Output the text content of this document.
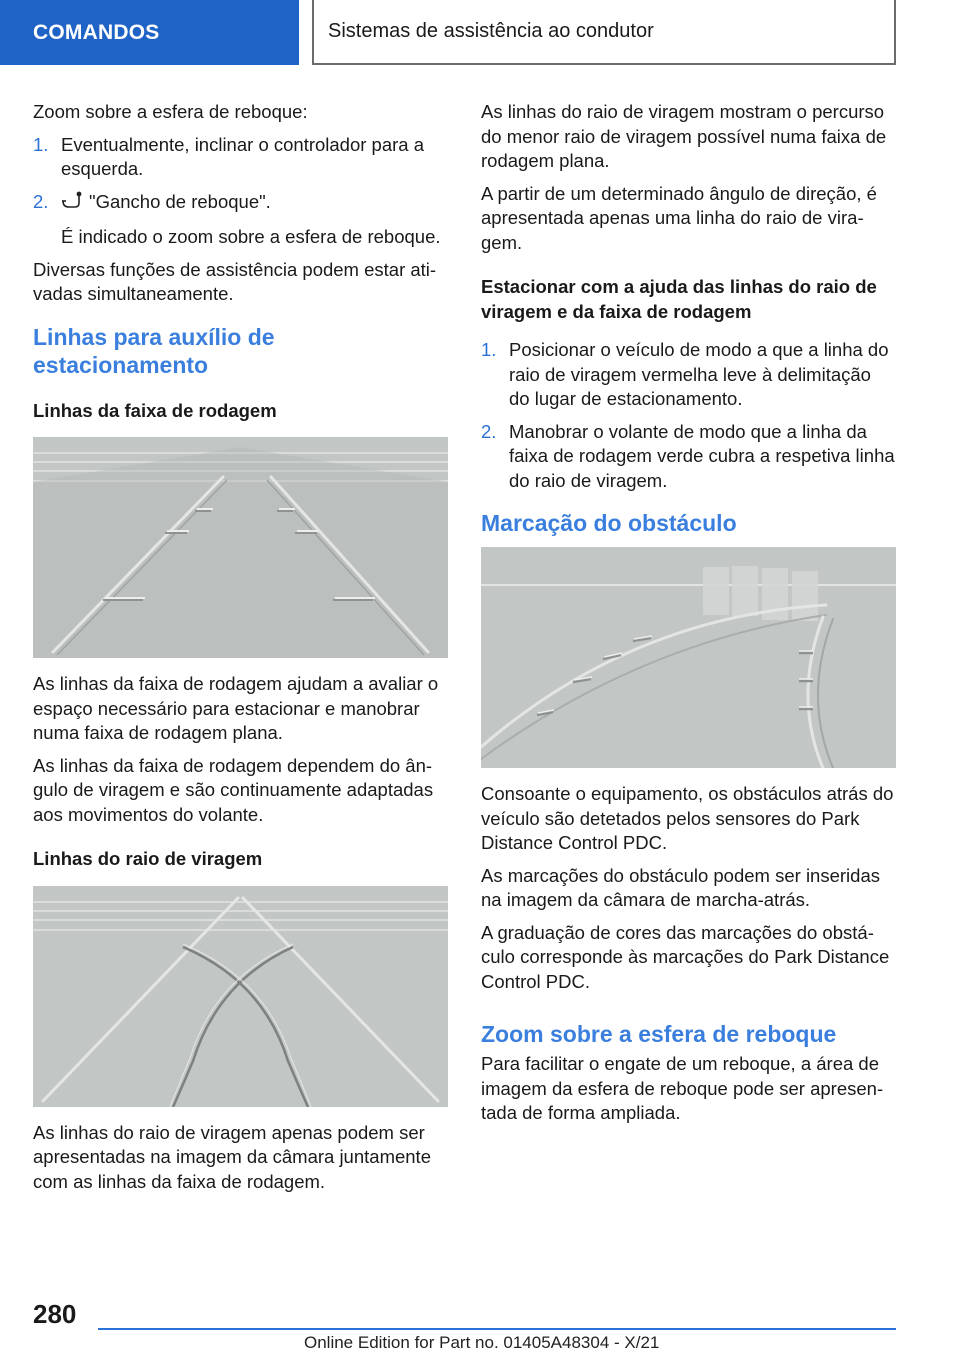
COMANDOS	Sistemas de assistência ao condutor

Zoom sobre a esfera de reboque:

1. Eventualmente, inclinar o controlador para a esquerda.
2. "Gancho de reboque".
É indicado o zoom sobre a esfera de reboque.

Diversas funções de assistência podem estar ativadas simultaneamente.

Linhas para auxílio de estacionamento
Linhas da faixa de rodagem

As linhas da faixa de rodagem ajudam a avaliar o espaço necessário para estacionar e manobrar numa faixa de rodagem plana.

As linhas da faixa de rodagem dependem do ângulo de viragem e são continuamente adaptadas aos movimentos do volante.

Linhas do raio de viragem

As linhas do raio de viragem apenas podem ser apresentadas na imagem da câmara juntamente com as linhas da faixa de rodagem.

As linhas do raio de viragem mostram o percurso do menor raio de viragem possível numa faixa de rodagem plana.

A partir de um determinado ângulo de direção, é apresentada apenas uma linha do raio de viragem.

Estacionar com a ajuda das linhas do raio de viragem e da faixa de rodagem
1. Posicionar o veículo de modo a que a linha do raio de viragem vermelha leve à delimitação do lugar de estacionamento.
2. Manobrar o volante de modo que a linha da faixa de rodagem verde cubra a respetiva linha do raio de viragem.
Marcação do obstáculo

Consoante o equipamento, os obstáculos atrás do veículo são detetados pelos sensores do Park Distance Control PDC.

As marcações do obstáculo podem ser inseridas na imagem da câmara de marcha-atrás.

A graduação de cores das marcações do obstáculo corresponde às marcações do Park Distance Control PDC.

Zoom sobre a esfera de reboque

Para facilitar o engate de um reboque, a área de imagem da esfera de reboque pode ser apresentada de forma ampliada.

280
Online Edition for Part no. 01405A48304 - X/21
